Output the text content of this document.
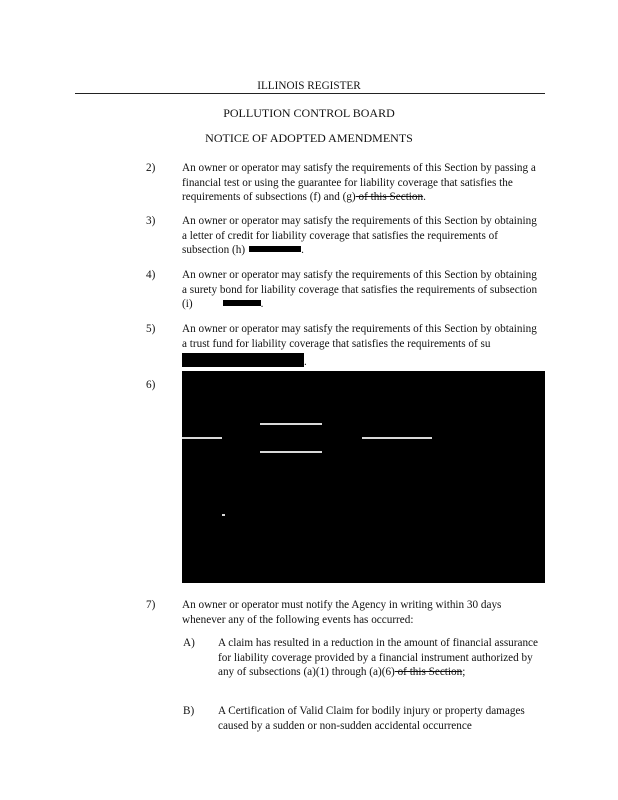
ILLINOIS REGISTER
POLLUTION CONTROL BOARD
NOTICE OF ADOPTED AMENDMENTS
2) An owner or operator may satisfy the requirements of this Section by passing a financial test or using the guarantee for liability coverage that satisfies the requirements of subsections (f) and (g) of this Section.
3) An owner or operator may satisfy the requirements of this Section by obtaining a letter of credit for liability coverage that satisfies the requirements of subsection (h)	.
4) An owner or operator may satisfy the requirements of this Section by obtaining a surety bond for liability coverage that satisfies the requirements of subsection (i)	.
5) An owner or operator may satisfy the requirements of this Section by obtaining a trust fund for liability coverage that satisfies the requirements of su.
6)
7) An owner or operator must notify the Agency in writing within 30 days whenever any of the following events has occurred:
A) A claim has resulted in a reduction in the amount of financial assurance for liability coverage provided by a financial instrument authorized by any of subsections (a)(1) through (a)(6) of this Section;
B) A Certification of Valid Claim for bodily injury or property damages caused by a sudden or non-sudden accidental occurrence
